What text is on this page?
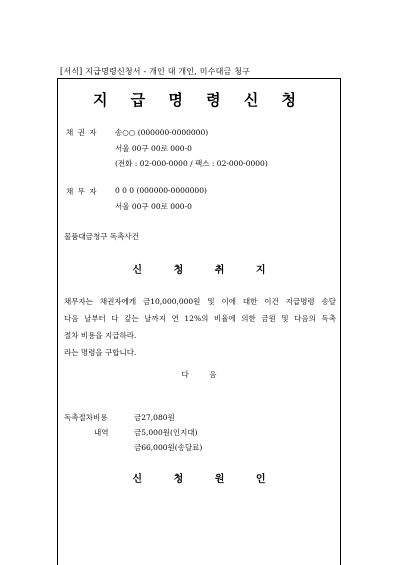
[서식] 지급명령신청서 - 개인 대 개인, 미수대금 청구
지 급 명 령 신 청
채 권 자 송○○ (000000-0000000)
서울 00구 00로 000-0
(전화 : 02-000-0000 / 팩스 : 02-000-0000)
채 무 자 0 0 0 (000000-0000000)
서울 00구 00로 000-0
물품대금청구 독촉사건
신	청	취	지
채무자는 채권자에게 금10,000,000원 및 이에 대한 이건 지급명령 송달
다음 날부터 다 갚는 날까지 연 12%의 비율에 의한 금원 및 다음의 독촉
절차 비용을 지급하라.
라는 명령을 구합니다.
다	음
독촉절차비용	금27,080원
내역	금5,000원(인지대)
금66,000원(송달료)
신	청	원	인
